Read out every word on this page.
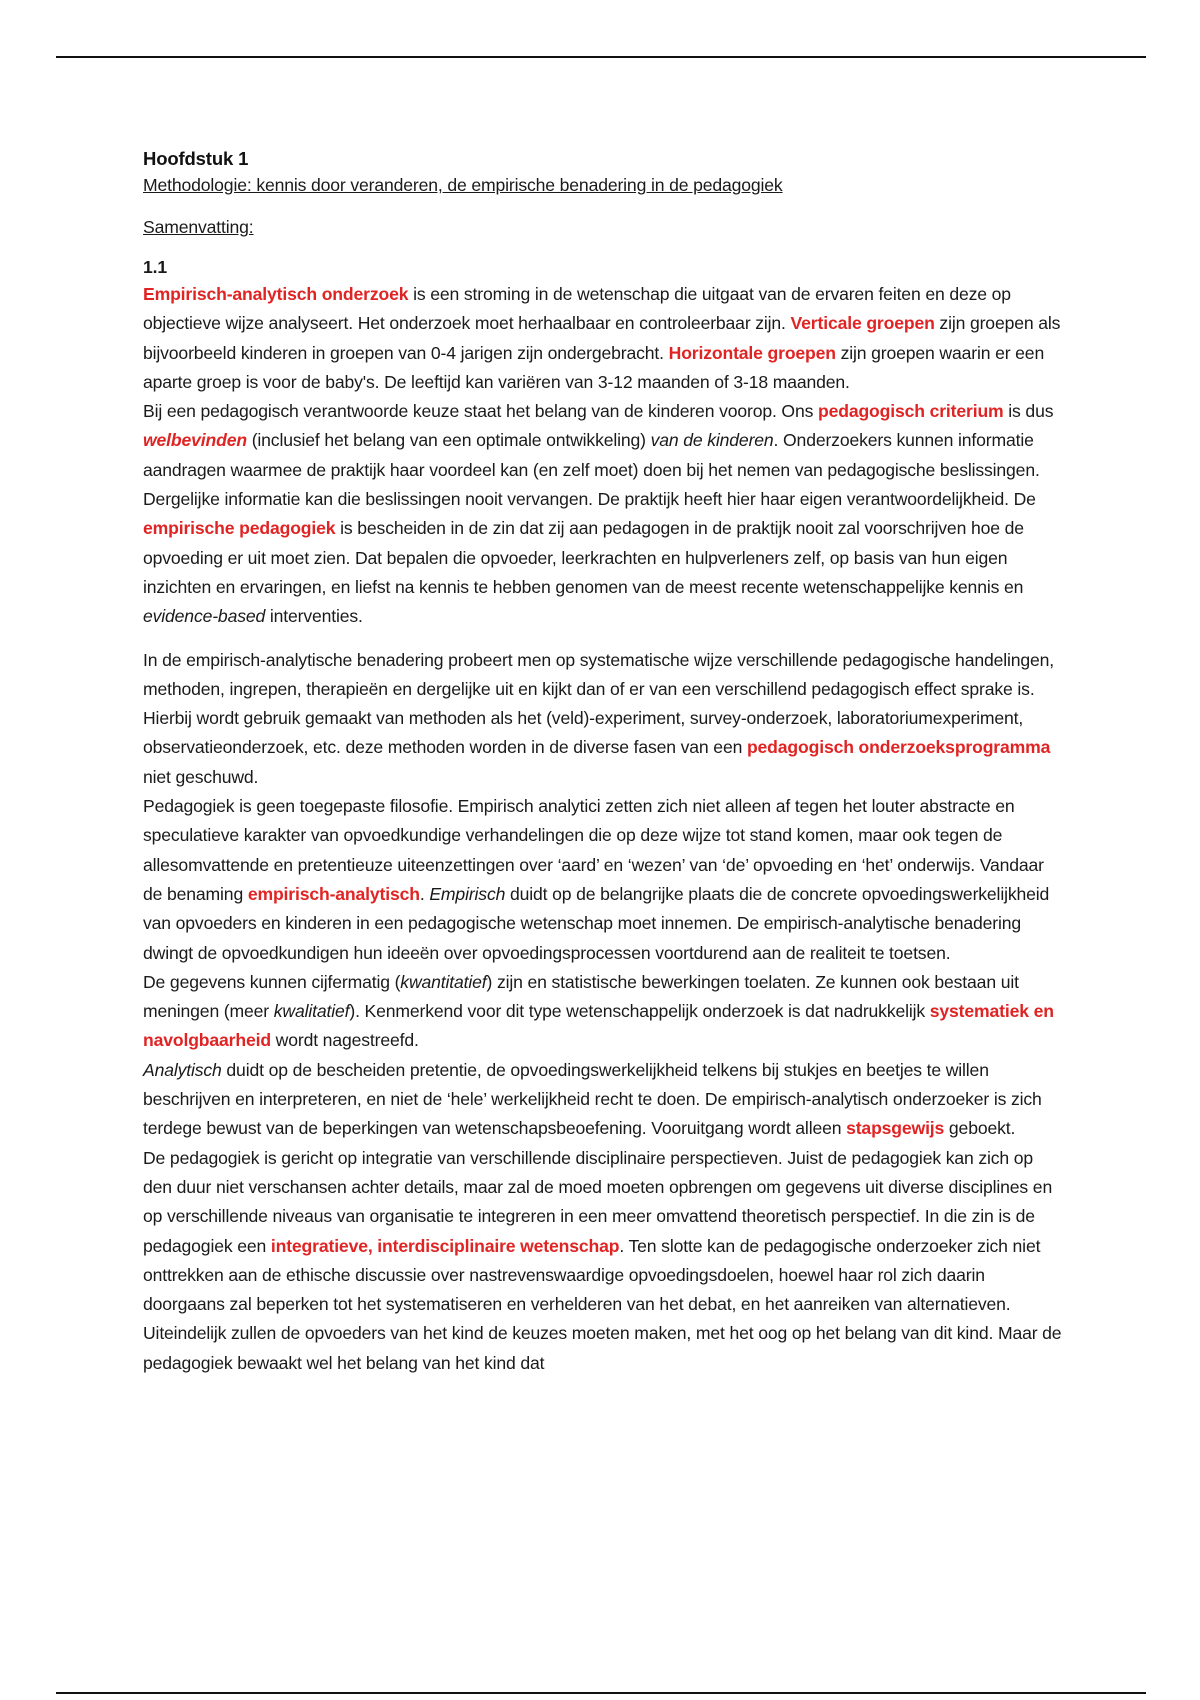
Hoofdstuk 1
Methodologie: kennis door veranderen, de empirische benadering in de pedagogiek
Samenvatting:
1.1

Empirisch-analytisch onderzoek is een stroming in de wetenschap die uitgaat van de ervaren feiten en deze op objectieve wijze analyseert. Het onderzoek moet herhaalbaar en controleerbaar zijn. Verticale groepen zijn groepen als bijvoorbeeld kinderen in groepen van 0-4 jarigen zijn ondergebracht. Horizontale groepen zijn groepen waarin er een aparte groep is voor de baby's. De leeftijd kan variëren van 3-12 maanden of 3-18 maanden.

Bij een pedagogisch verantwoorde keuze staat het belang van de kinderen voorop. Ons pedagogisch criterium is dus welbevinden (inclusief het belang van een optimale ontwikkeling) van de kinderen. Onderzoekers kunnen informatie aandragen waarmee de praktijk haar voordeel kan (en zelf moet) doen bij het nemen van pedagogische beslissingen. Dergelijke informatie kan die beslissingen nooit vervangen. De praktijk heeft hier haar eigen verantwoordelijkheid. De empirische pedagogiek is bescheiden in de zin dat zij aan pedagogen in de praktijk nooit zal voorschrijven hoe de opvoeding er uit moet zien. Dat bepalen die opvoeder, leerkrachten en hulpverleners zelf, op basis van hun eigen inzichten en ervaringen, en liefst na kennis te hebben genomen van de meest recente wetenschappelijke kennis en evidence-based interventies.

In de empirisch-analytische benadering probeert men op systematische wijze verschillende pedagogische handelingen, methoden, ingrepen, therapieën en dergelijke uit en kijkt dan of er van een verschillend pedagogisch effect sprake is. Hierbij wordt gebruik gemaakt van methoden als het (veld)-experiment, survey-onderzoek, laboratoriumexperiment, observatieonderzoek, etc. deze methoden worden in de diverse fasen van een pedagogisch onderzoeksprogramma niet geschuwd.

Pedagogiek is geen toegepaste filosofie. Empirisch analytici zetten zich niet alleen af tegen het louter abstracte en speculatieve karakter van opvoedkundige verhandelingen die op deze wijze tot stand komen, maar ook tegen de allesomvattende en pretentieuze uiteenzettingen over ‘aard’ en ‘wezen’ van ‘de’ opvoeding en ‘het’ onderwijs. Vandaar de benaming empirisch-analytisch. Empirisch duidt op de belangrijke plaats die de concrete opvoedingswerkelijkheid van opvoeders en kinderen in een pedagogische wetenschap moet innemen. De empirisch-analytische benadering dwingt de opvoedkundigen hun ideeën over opvoedingsprocessen voortdurend aan de realiteit te toetsen.

De gegevens kunnen cijfermatig (kwantitatief) zijn en statistische bewerkingen toelaten. Ze kunnen ook bestaan uit meningen (meer kwalitatief). Kenmerkend voor dit type wetenschappelijk onderzoek is dat nadrukkelijk systematiek en navolgbaarheid wordt nagestreefd.

Analytisch duidt op de bescheiden pretentie, de opvoedingswerkelijkheid telkens bij stukjes en beetjes te willen beschrijven en interpreteren, en niet de ‘hele’ werkelijkheid recht te doen. De empirisch-analytisch onderzoeker is zich terdege bewust van de beperkingen van wetenschapsbeoefening. Vooruitgang wordt alleen stapsgewijs geboekt.

De pedagogiek is gericht op integratie van verschillende disciplinaire perspectieven. Juist de pedagogiek kan zich op den duur niet verschansen achter details, maar zal de moed moeten opbrengen om gegevens uit diverse disciplines en op verschillende niveaus van organisatie te integreren in een meer omvattend theoretisch perspectief. In die zin is de pedagogiek een integratieve, interdisciplinaire wetenschap. Ten slotte kan de pedagogische onderzoeker zich niet onttrekken aan de ethische discussie over nastrevenswaardige opvoedingsdoelen, hoewel haar rol zich daarin doorgaans zal beperken tot het systematiseren en verhelderen van het debat, en het aanreiken van alternatieven. Uiteindelijk zullen de opvoeders van het kind de keuzes moeten maken, met het oog op het belang van dit kind. Maar de pedagogiek bewaakt wel het belang van het kind dat
